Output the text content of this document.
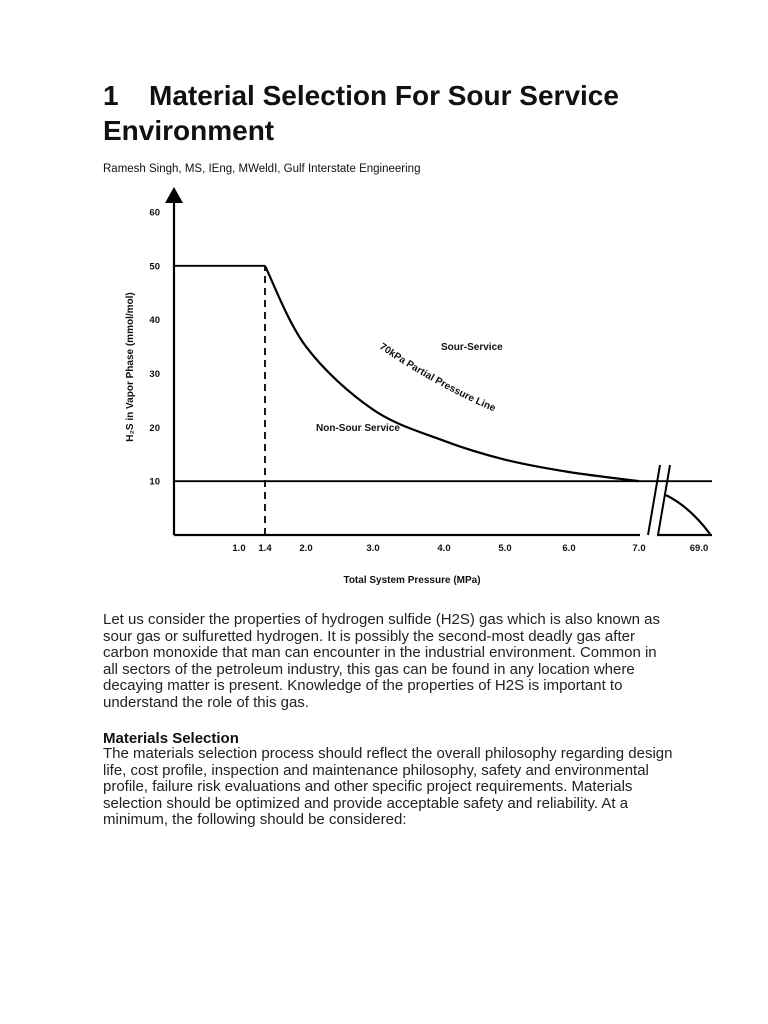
1 Material Selection For Sour Service Environment

Ramesh Singh, MS, IEng, MWeldI, Gulf Interstate Engineering

10
20
30
40
50
60
1.0 1.4	2.0	3.0	4.0	5.0	6.0	7.0	69.0
70kPa Partial Pressure Line
Sour-Service
Non-Sour Service
Total System Pressure (MPa)
H₂S in Vapor Phase (mmol/mol)

Let us consider the properties of hydrogen sulfide (H2S) gas which is also known as sour gas or sulfuretted hydrogen. It is possibly the second-most deadly gas after carbon monoxide that man can encounter in the industrial environment. Common in all sectors of the petroleum industry, this gas can be found in any location where decaying matter is present. Knowledge of the properties of H2S is important to understand the role of this gas.

Materials Selection

The materials selection process should reflect the overall philosophy regarding design life, cost profile, inspection and maintenance philosophy, safety and environmental profile, failure risk evaluations and other specific project requirements. Materials selection should be optimized and provide acceptable safety and reliability. At a minimum, the following should be considered:
